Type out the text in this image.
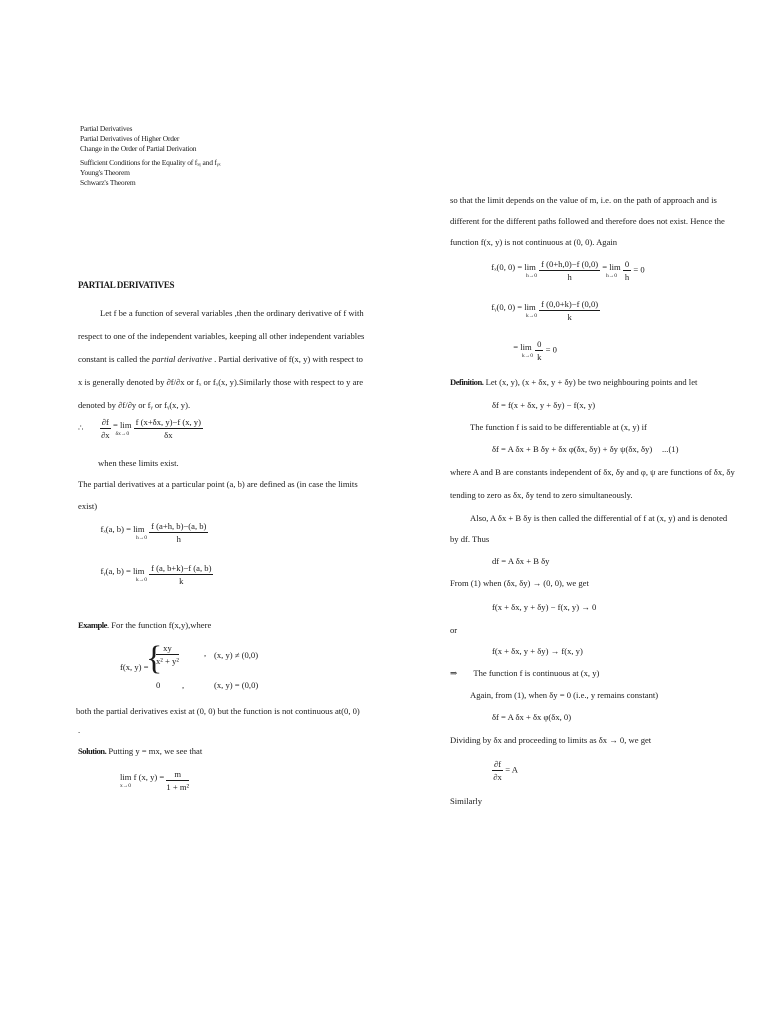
Partial Derivatives
Partial Derivatives of Higher Order
Change in the Order of Partial Derivation
Sufficient Conditions for the Equality of fₓᵧ and fᵧₓ
Young's Theorem
Schwarz's Theorem
PARTIAL DERIVATIVES
Let f be a function of several variables ,then the ordinary derivative of f with
respect to one of the independent variables, keeping all other independent variables
constant is called the partial derivative . Partial derivative of f(x, y) with respect to
x is generally denoted by ∂f/∂x or fₓ or fₓ(x, y).Similarly those with respect to y are
denoted by ∂f/∂y or fᵧ or fᵧ(x, y).
∴ $\frac{\partial f}{\partial x} = \lim$
δx→0
$\frac{f (x+\delta x, y)-f (x, y)}{\delta x}$
when these limits exist.
The partial derivatives at a particular point (a, b) are defined as (in case the limits
exist)
fₓ(a, b) = lim
h→0
$\frac{f (a+h, b)-(a, b)}{h}$
fᵧ(a, b) = lim
k→0
$\frac{f (a, b+k)-f (a, b)}{k}$
Example. For the function f(x,y),where
f(x, y) =
{
$\frac{xy}{\text{x² + y²}}$	, (x, y) ≠ (0,0)
0	,	(x, y) = (0,0)
both the partial derivatives exist at (0, 0) but the function is not continuous at(0, 0)
.
Solution. Putting y = mx, we see that
lim f (x, y) =
x→0
	$\frac{m}{\text{1 + m²}}$
so that the limit depends on the value of m, i.e. on the path of approach and is
different for the different paths followed and therefore does not exist. Hence the
function f(x, y) is not continuous at (0, 0). Again
fₓ(0, 0) = lim
h→0
$\frac{f (0+h,0)-f (0,0)}{h} = \lim$
h→0
$\frac{0}{h} = 0$
fᵧ(0, 0) = lim
k→0
$\frac{f (0,0+k)-f (0,0)}{k}$
= lim
k→0
$\frac{0}{k} = 0$
Definition. Let (x, y), (x + δx, y + δy) be two neighbouring points and let
δf = f(x + δx, y + δy) − f(x, y)
The function f is said to be differentiable at (x, y) if
δf = A δx + B δy + δx φ(δx, δy) + δy ψ(δx, δy) ...(1)
where A and B are constants independent of δx, δy and φ, ψ are functions of δx, δy
tending to zero as δx, δy tend to zero simultaneously.
Also, A δx + B δy is then called the differential of f at (x, y) and is denoted
by df. Thus
df = A δx + B δy
From (1) when (δx, δy) → (0, 0), we get
f(x + δx, y + δy) − f(x, y) → 0
or
f(x + δx, y + δy) → f(x, y)
⇒ The function f is continuous at (x, y)
Again, from (1), when δy = 0 (i.e., y remains constant)
δf = A δx + δx φ(δx, 0)
Dividing by δx and proceeding to limits as δx → 0, we get
$\frac{\partial f}{\partial x} = A$
Similarly
